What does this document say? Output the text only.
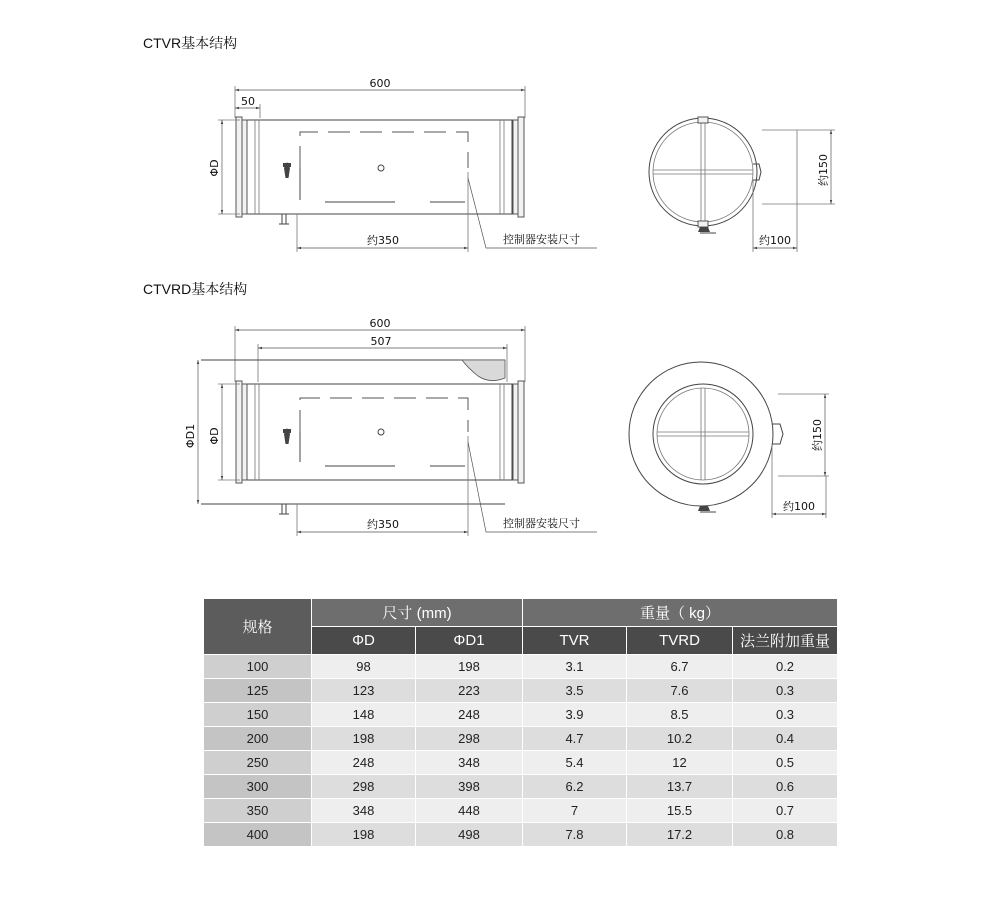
CTVR基本结构
CTVRD基本结构
600
50
ΦD
约350	控制器安装尺寸
约150
约100
600
507
ΦD1 ΦD
约350	控制器安装尺寸
约150
约100
规格	尺寸 (mm)		重量（ kg）		
	ΦD	ΦD1	TVR	TVRD	法兰附加重量
100	98	198	3.1	6.7	0.2
125	123	223	3.5	7.6	0.3
150	148	248	3.9	8.5	0.3
200	198	298	4.7	10.2	0.4
250	248	348	5.4	12	0.5
300	298	398	6.2	13.7	0.6
350	348	448	7	15.5	0.7
400	198	498	7.8	17.2	0.8
